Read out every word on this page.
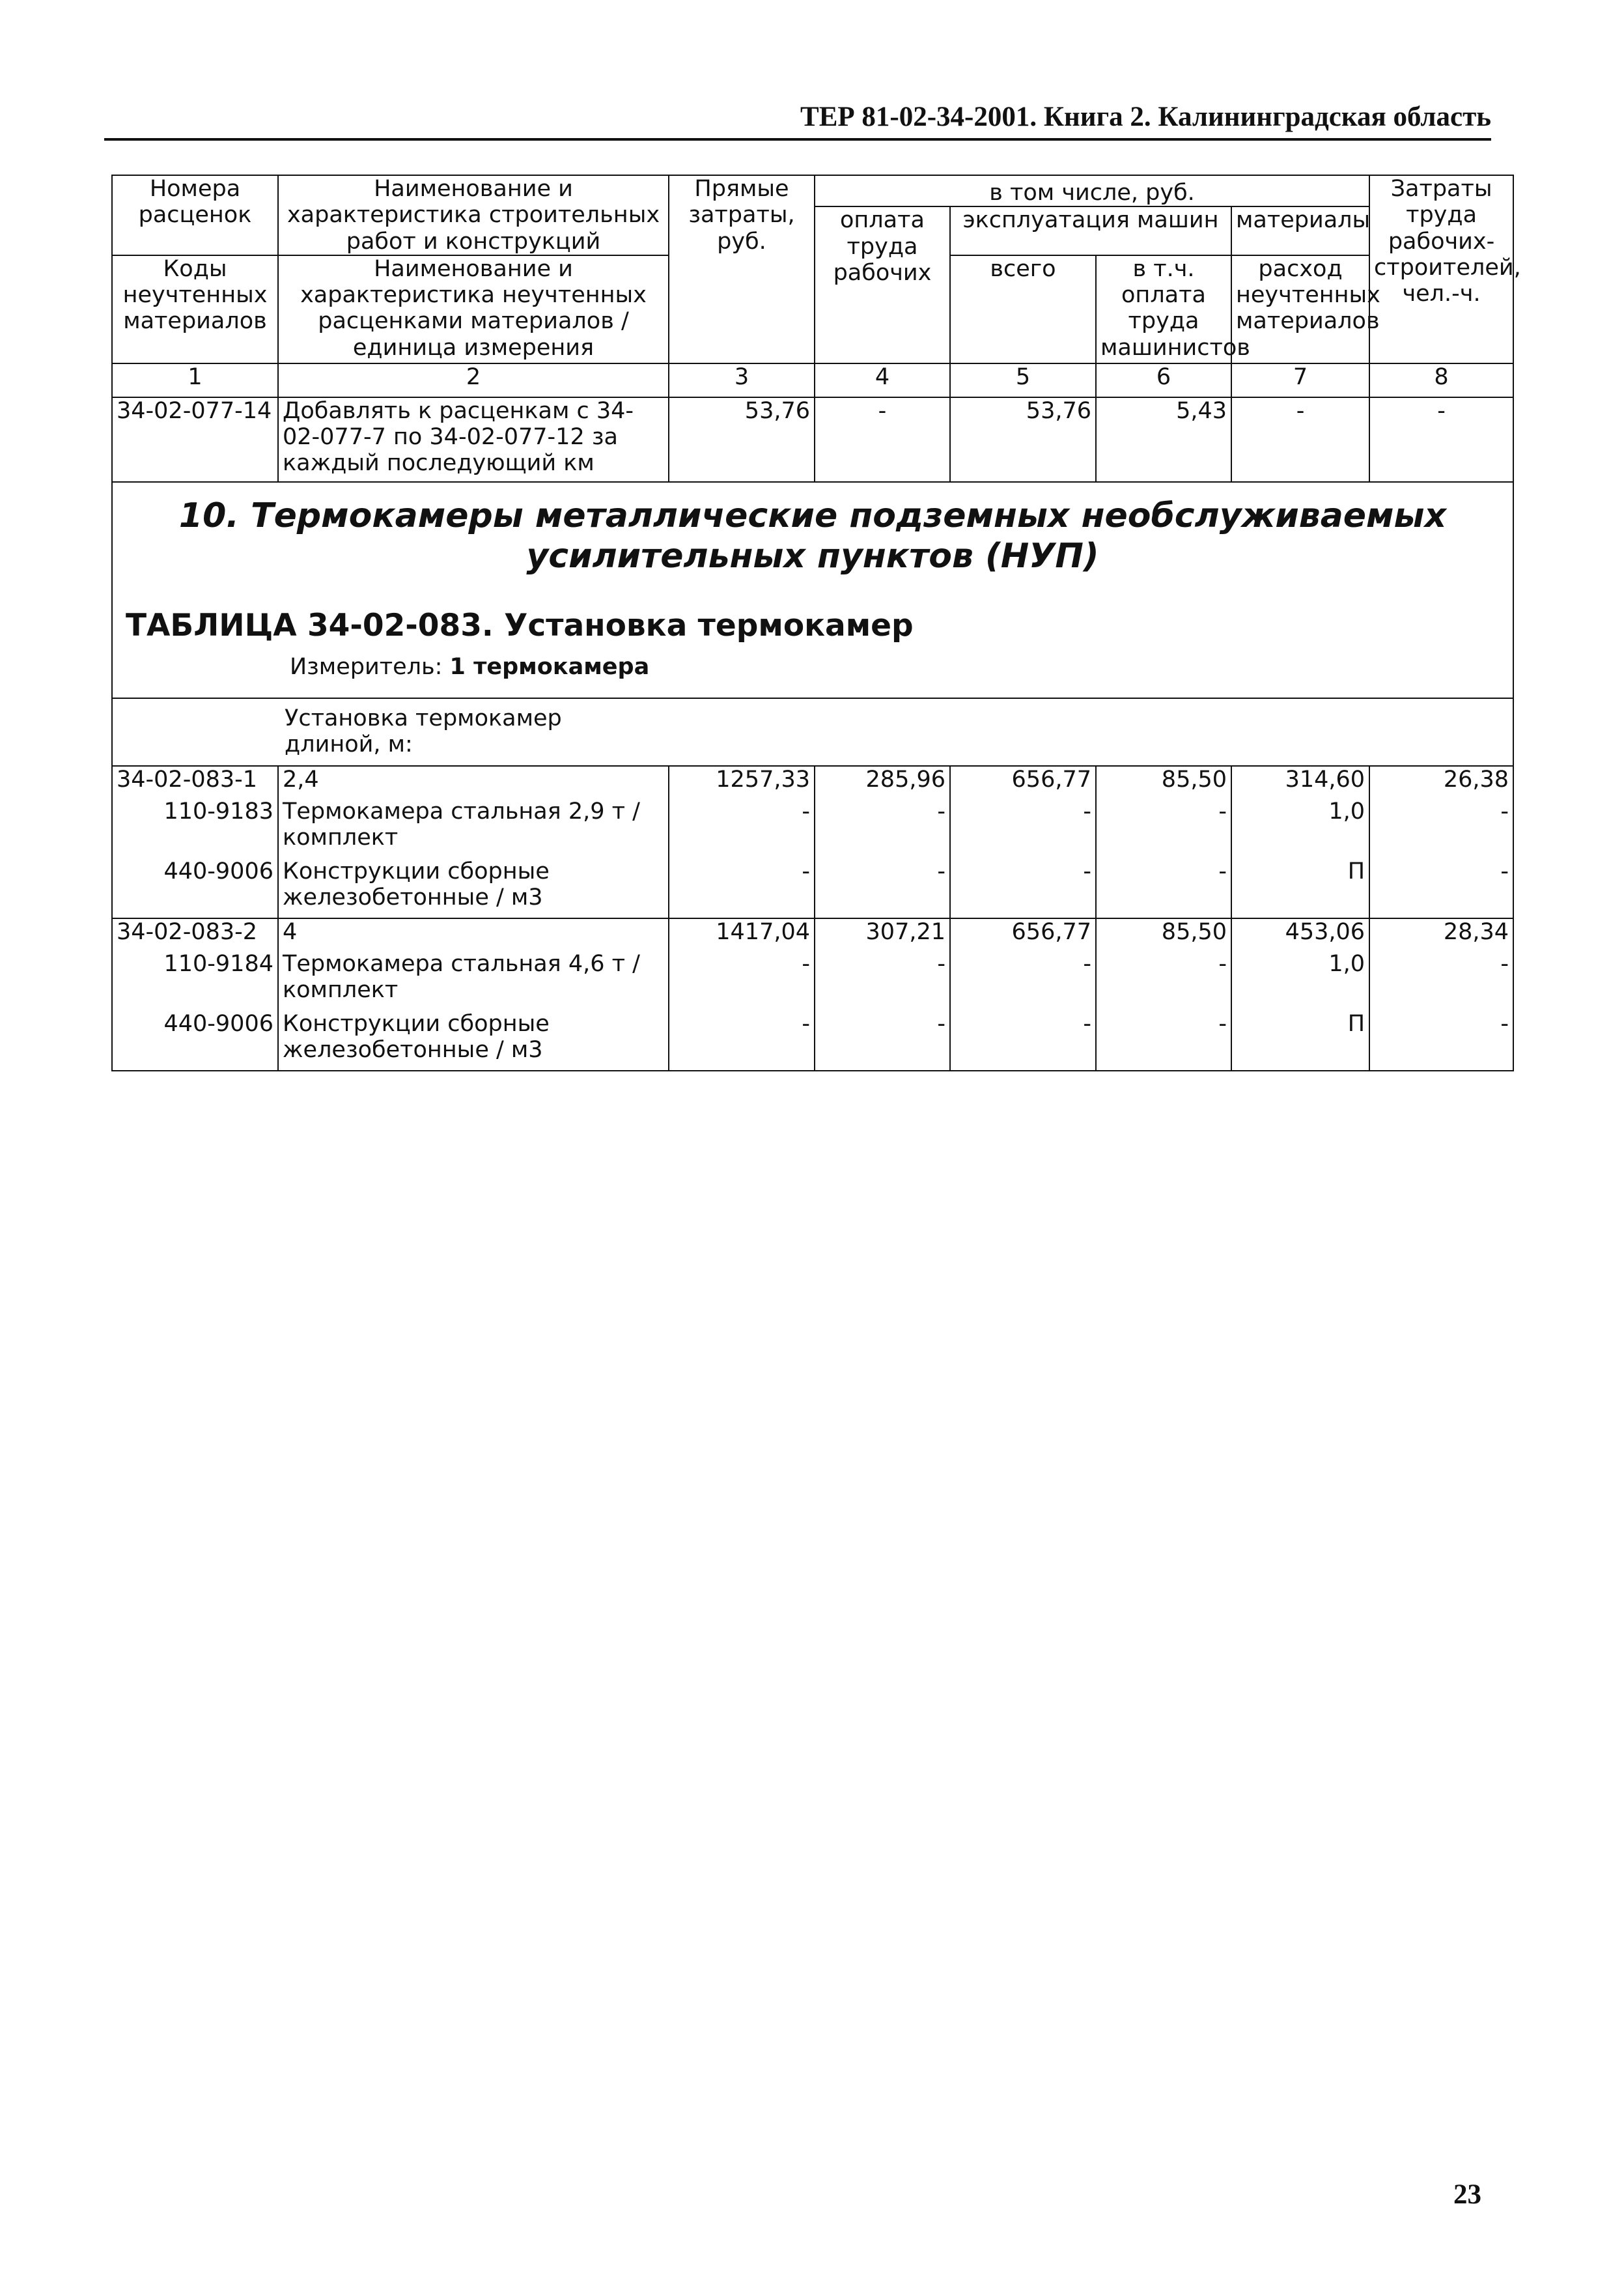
ТЕР 81-02-34-2001. Книга 2. Калининградская область
Номера расценок	Наименование и характеристика строительных работ и конструкций	Прямые затраты, руб.	в том числе, руб.				Затраты труда рабочих-строителей, чел.-ч.
			оплата труда рабочих	эксплуатация машин		материалы	
Коды неучтенных материалов	Наименование и характеристика неучтенных расценками материалов / единица измерения			всего	в т.ч. оплата труда машинистов	расход неучтенных материалов	

1	2	3	4	5	6	7	8
34-02-077-14	Добавлять к расценкам с 34-02-077-7 по 34-02-077-12 за каждый последующий км	53,76	-	53,76	5,43	-	-

10. Термокамеры металлические подземных необслуживаемых усилительных пунктов (НУП)
ТАБЛИЦА 34-02-083. Установка термокамер
Измеритель: 1 термокамера							

Установка термокамер длиной, м:							
34-02-083-1	2,4	1257,33	285,96	656,77	85,50	314,60	26,38
110-9183	Термокамера стальная 2,9 т / комплект	-	-	-	-	1,0	-
440-9006	Конструкции сборные железобетонные / м3	-	-	-	-	П	-
34-02-083-2	4	1417,04	307,21	656,77	85,50	453,06	28,34
110-9184	Термокамера стальная 4,6 т / комплект	-	-	-	-	1,0	-
440-9006	Конструкции сборные железобетонные / м3	-	-	-	-	П	-
23
